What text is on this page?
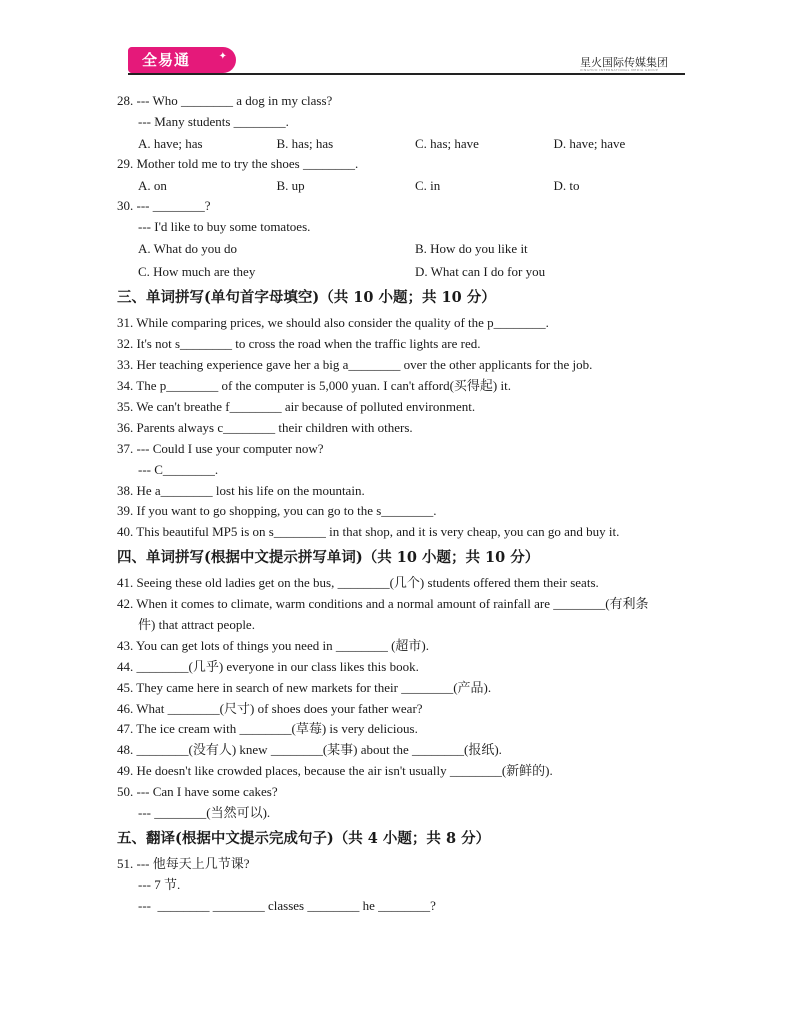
全易通	✦	星火国际传媒集团
XINGHUO INTERNATIONAL MEDIA GROUP
28. --- Who ________ a dog in my class?
--- Many students ________.
A. have; has	B. has; has	C. has; have	D. have; have
29. Mother told me to try the shoes ________.
A. on	B. up	C. in	D. to
30. --- ________?
--- I'd like to buy some tomatoes.
A. What do you do	B. How do you like it
C. How much are they	D. What can I do for you
三、单词拼写(单句首字母填空)（共 10 小题；共 10 分）
31. While comparing prices, we should also consider the quality of the p________.
32. It's not s________ to cross the road when the traffic lights are red.
33. Her teaching experience gave her a big a________ over the other applicants for the job.
34. The p________ of the computer is 5,000 yuan. I can't afford(买得起) it.
35. We can't breathe f________ air because of polluted environment.
36. Parents always c________ their children with others.
37. --- Could I use your computer now?
--- C________.
38. He a________ lost his life on the mountain.
39. If you want to go shopping, you can go to the s________.
40. This beautiful MP5 is on s________ in that shop, and it is very cheap, you can go and buy it.
四、单词拼写(根据中文提示拼写单词)（共 10 小题；共 10 分）
41. Seeing these old ladies get on the bus, ________(几个) students offered them their seats.
42. When it comes to climate, warm conditions and a normal amount of rainfall are ________(有利条
件) that attract people.
43. You can get lots of things you need in ________ (超市).
44. ________(几乎) everyone in our class likes this book.
45. They came here in search of new markets for their ________(产品).
46. What ________(尺寸) of shoes does your father wear?
47. The ice cream with ________(草莓) is very delicious.
48. ________(没有人) knew ________(某事) about the ________(报纸).
49. He doesn't like crowded places, because the air isn't usually ________(新鲜的).
50. --- Can I have some cakes?
--- ________(当然可以).
五、翻译(根据中文提示完成句子)（共 4 小题；共 8 分）
51. --- 他每天上几节课?
--- 7 节.
---  ________ ________ classes ________ he ________?
